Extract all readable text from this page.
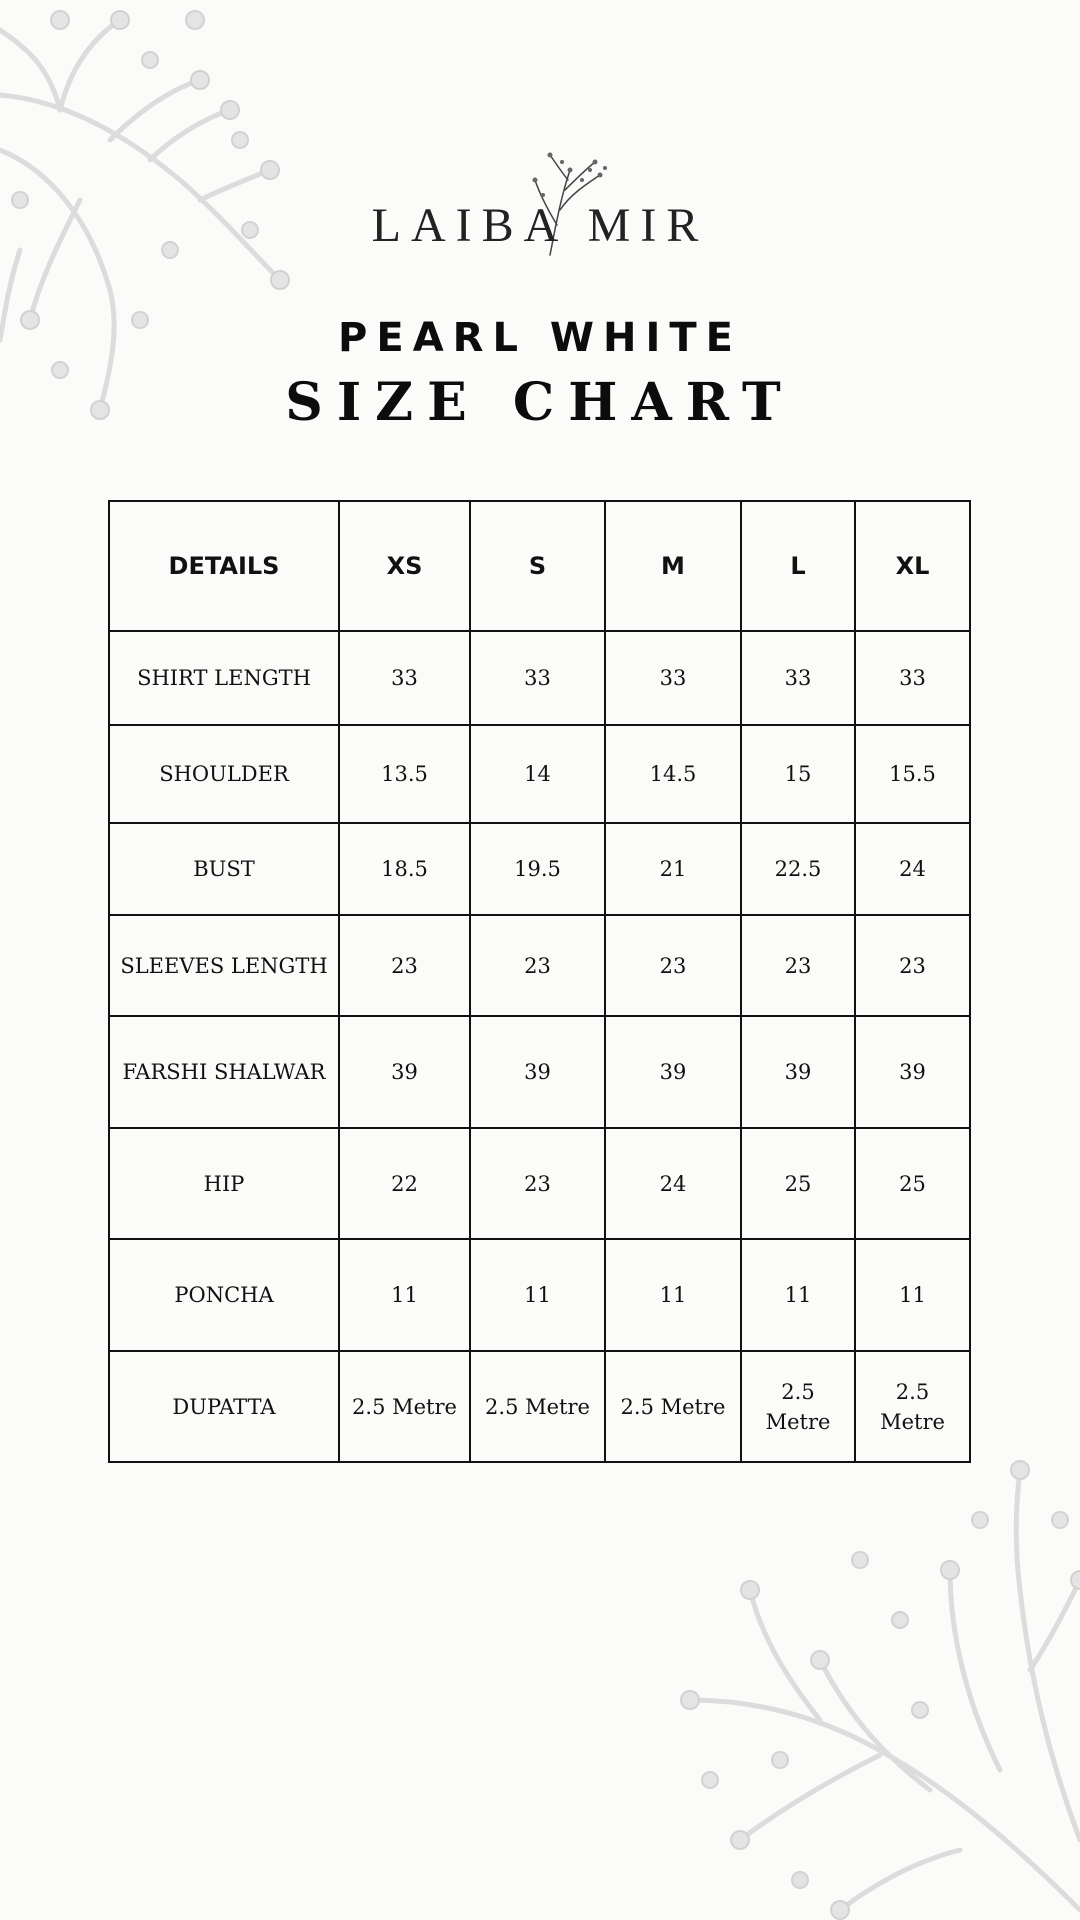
LAIBA MIR
PEARL WHITE
SIZE CHART
DETAILS	XS	S	M	L	XL
SHIRT LENGTH	33	33	33	33	33
SHOULDER	13.5	14	14.5	15	15.5
BUST	18.5	19.5	21	22.5	24
SLEEVES LENGTH	23	23	23	23	23
FARSHI SHALWAR	39	39	39	39	39
HIP	22	23	24	25	25
PONCHA	11	11	11	11	11
DUPATTA	2.5 Metre	2.5 Metre	2.5 Metre	2.5 Metre	2.5 Metre
